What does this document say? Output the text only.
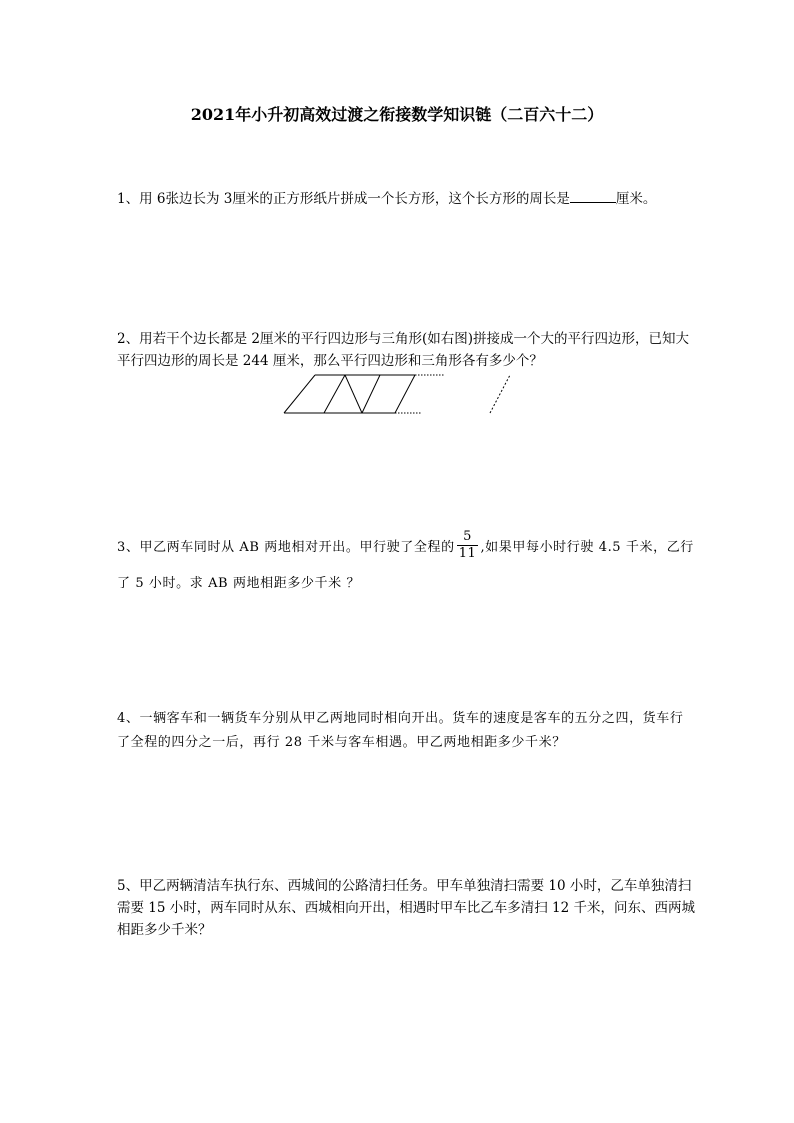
2021年小升初高效过渡之衔接数学知识链（二百六十二）
1、用 6张边长为 3厘米的正方形纸片拼成一个长方形，这个长方形的周长是	厘米。
2、用若干个边长都是 2厘米的平行四边形与三角形(如右图)拼接成一个大的平行四边形，已知大平行四边形的周长是 244 厘米，那么平行四边形和三角形各有多少个？
3、甲乙两车同时从 AB 两地相对开出。甲行驶了全程的 $\frac{5}{11}$ ,如果甲每小时行驶 4.5 千米，乙行了 5 小时。求 AB 两地相距多少千米 ？
4、一辆客车和一辆货车分别从甲乙两地同时相向开出。货车的速度是客车的五分之四，货车行了全程的四分之一后，再行 28 千米与客车相遇。甲乙两地相距多少千米？
5、甲乙两辆清洁车执行东、西城间的公路清扫任务。甲车单独清扫需要 10 小时，乙车单独清扫需要 15 小时，两车同时从东、西城相向开出，相遇时甲车比乙车多清扫 12 千米，问东、西两城相距多少千米？
